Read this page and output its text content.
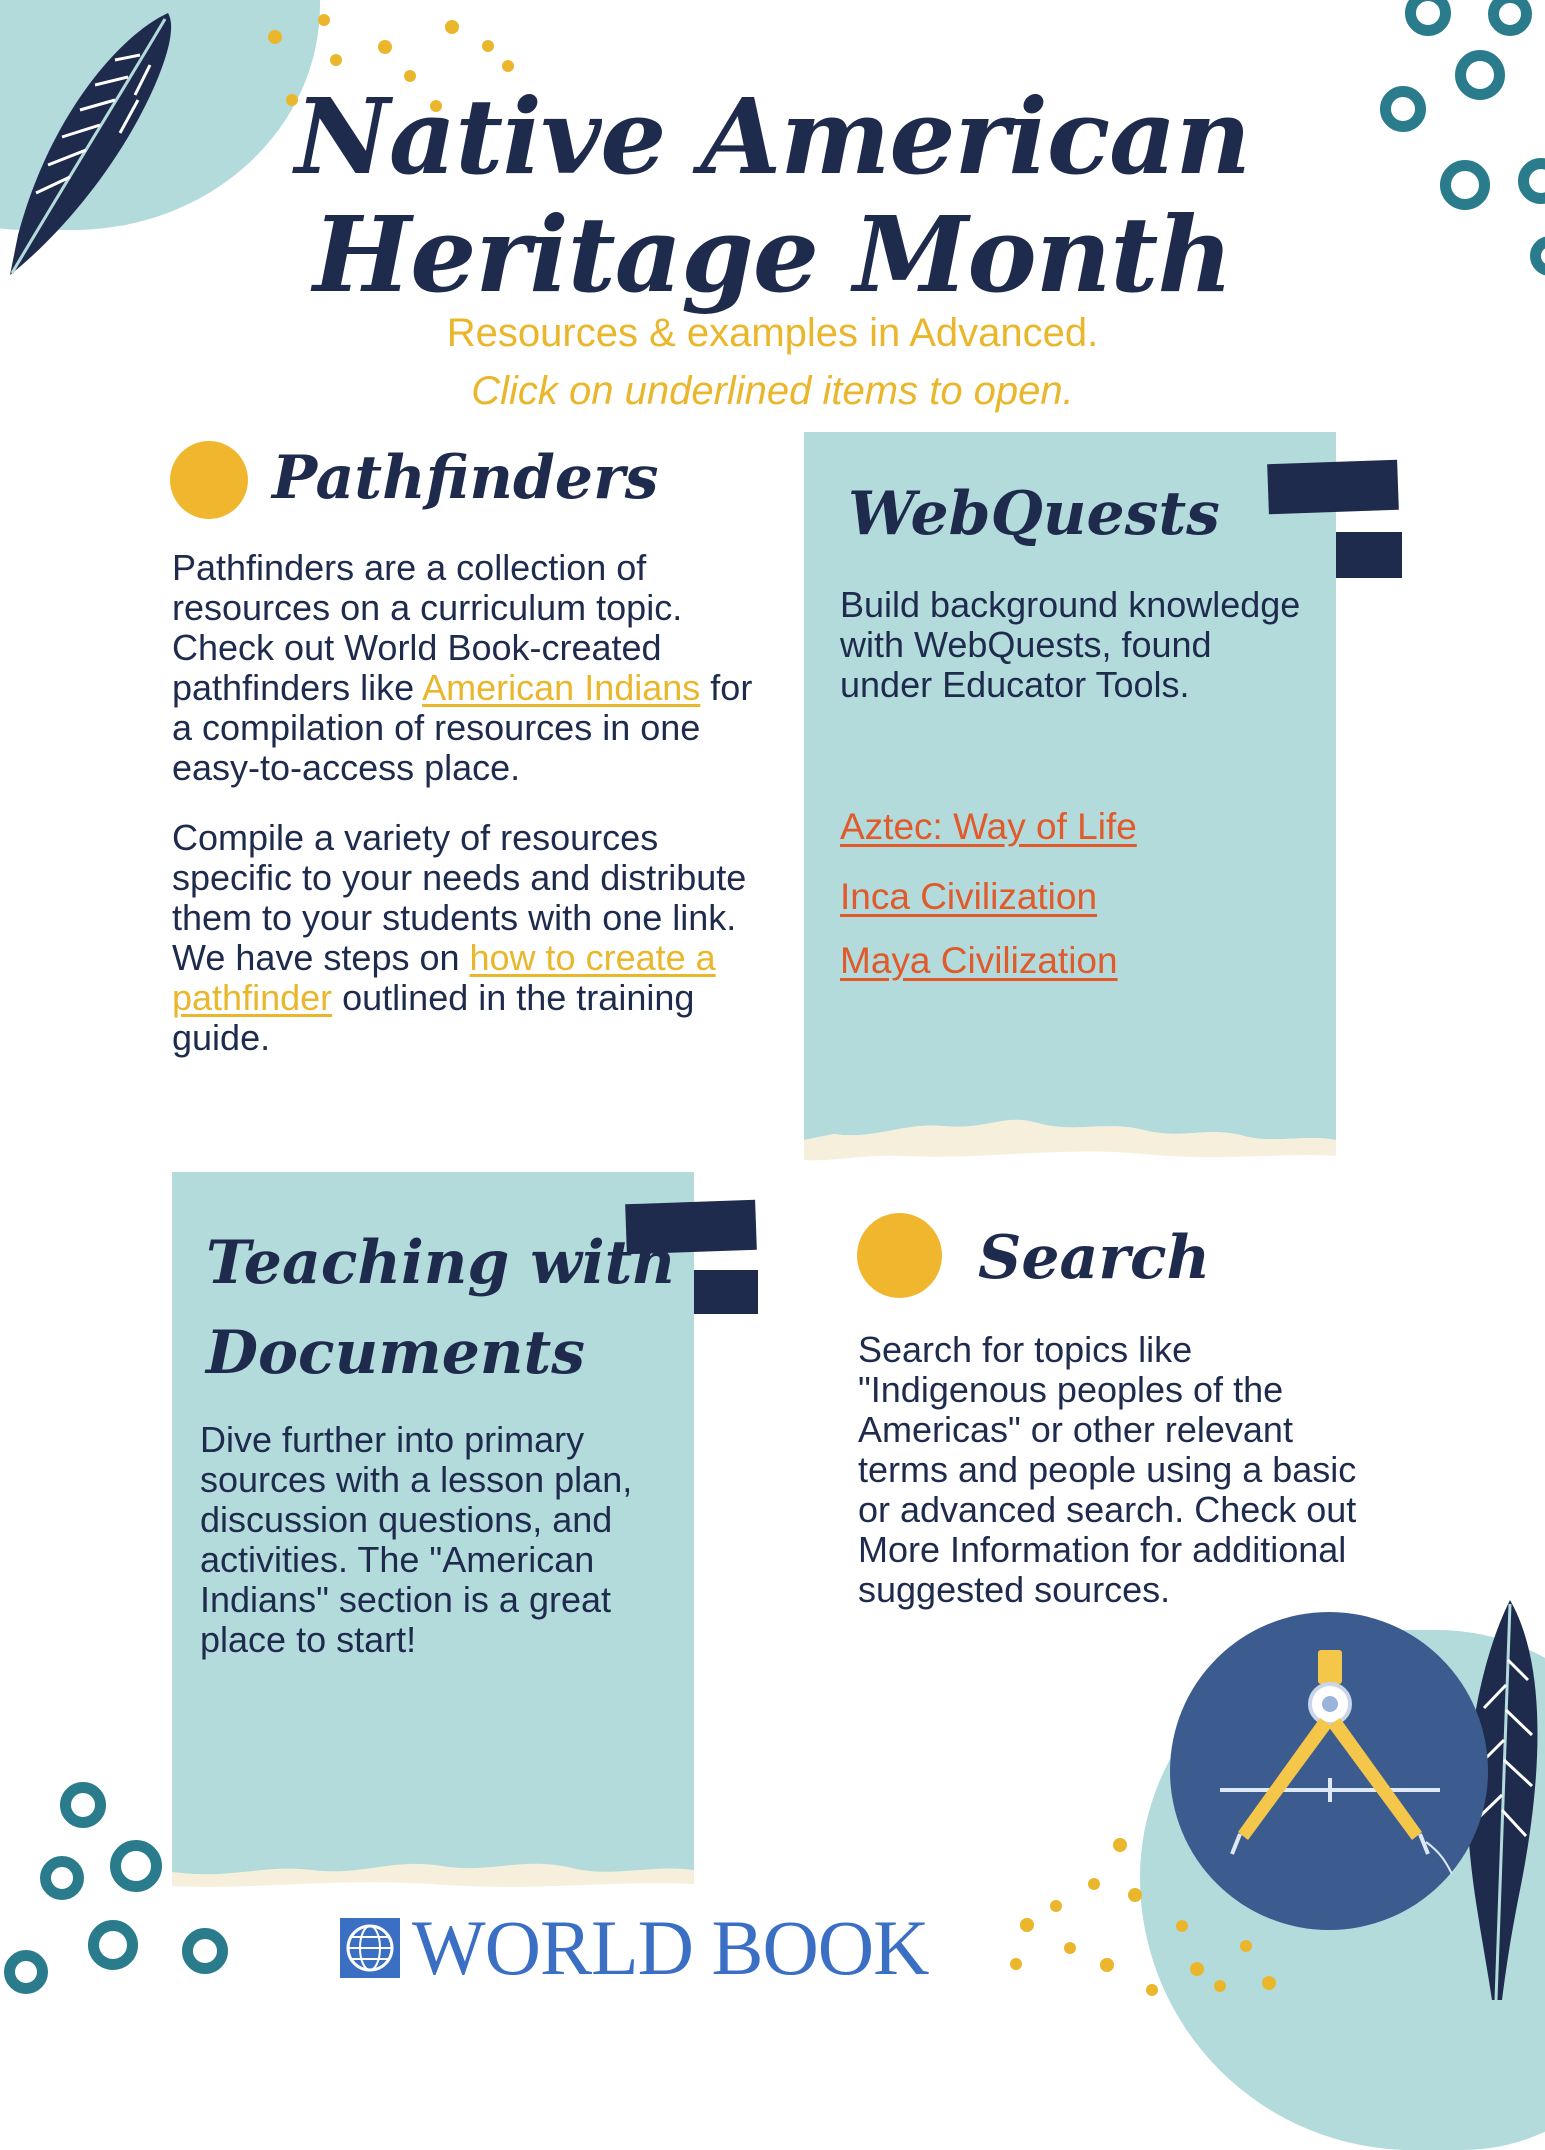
Native American Heritage Month
Resources & examples in Advanced.
Click on underlined items to open.
Pathfinders

Pathfinders are a collection of resources on a curriculum topic. Check out World Book-created pathfinders like American Indians for a compilation of resources in one easy-to-access place.

Compile a variety of resources specific to your needs and distribute them to your students with one link. We have steps on how to create a pathfinder outlined in the training guide.

WebQuests
Build background knowledge with WebQuests, found under Educator Tools.
Aztec: Way of Life
Inca Civilization
Maya Civilization
Teaching with
Documents
Dive further into primary sources with a lesson plan, discussion questions, and activities. The "American Indians" section is a great place to start!
Search
Search for topics like "Indigenous peoples of the Americas" or other relevant terms and people using a basic or advanced search. Check out More Information for additional suggested sources.
WORLD BOOK
